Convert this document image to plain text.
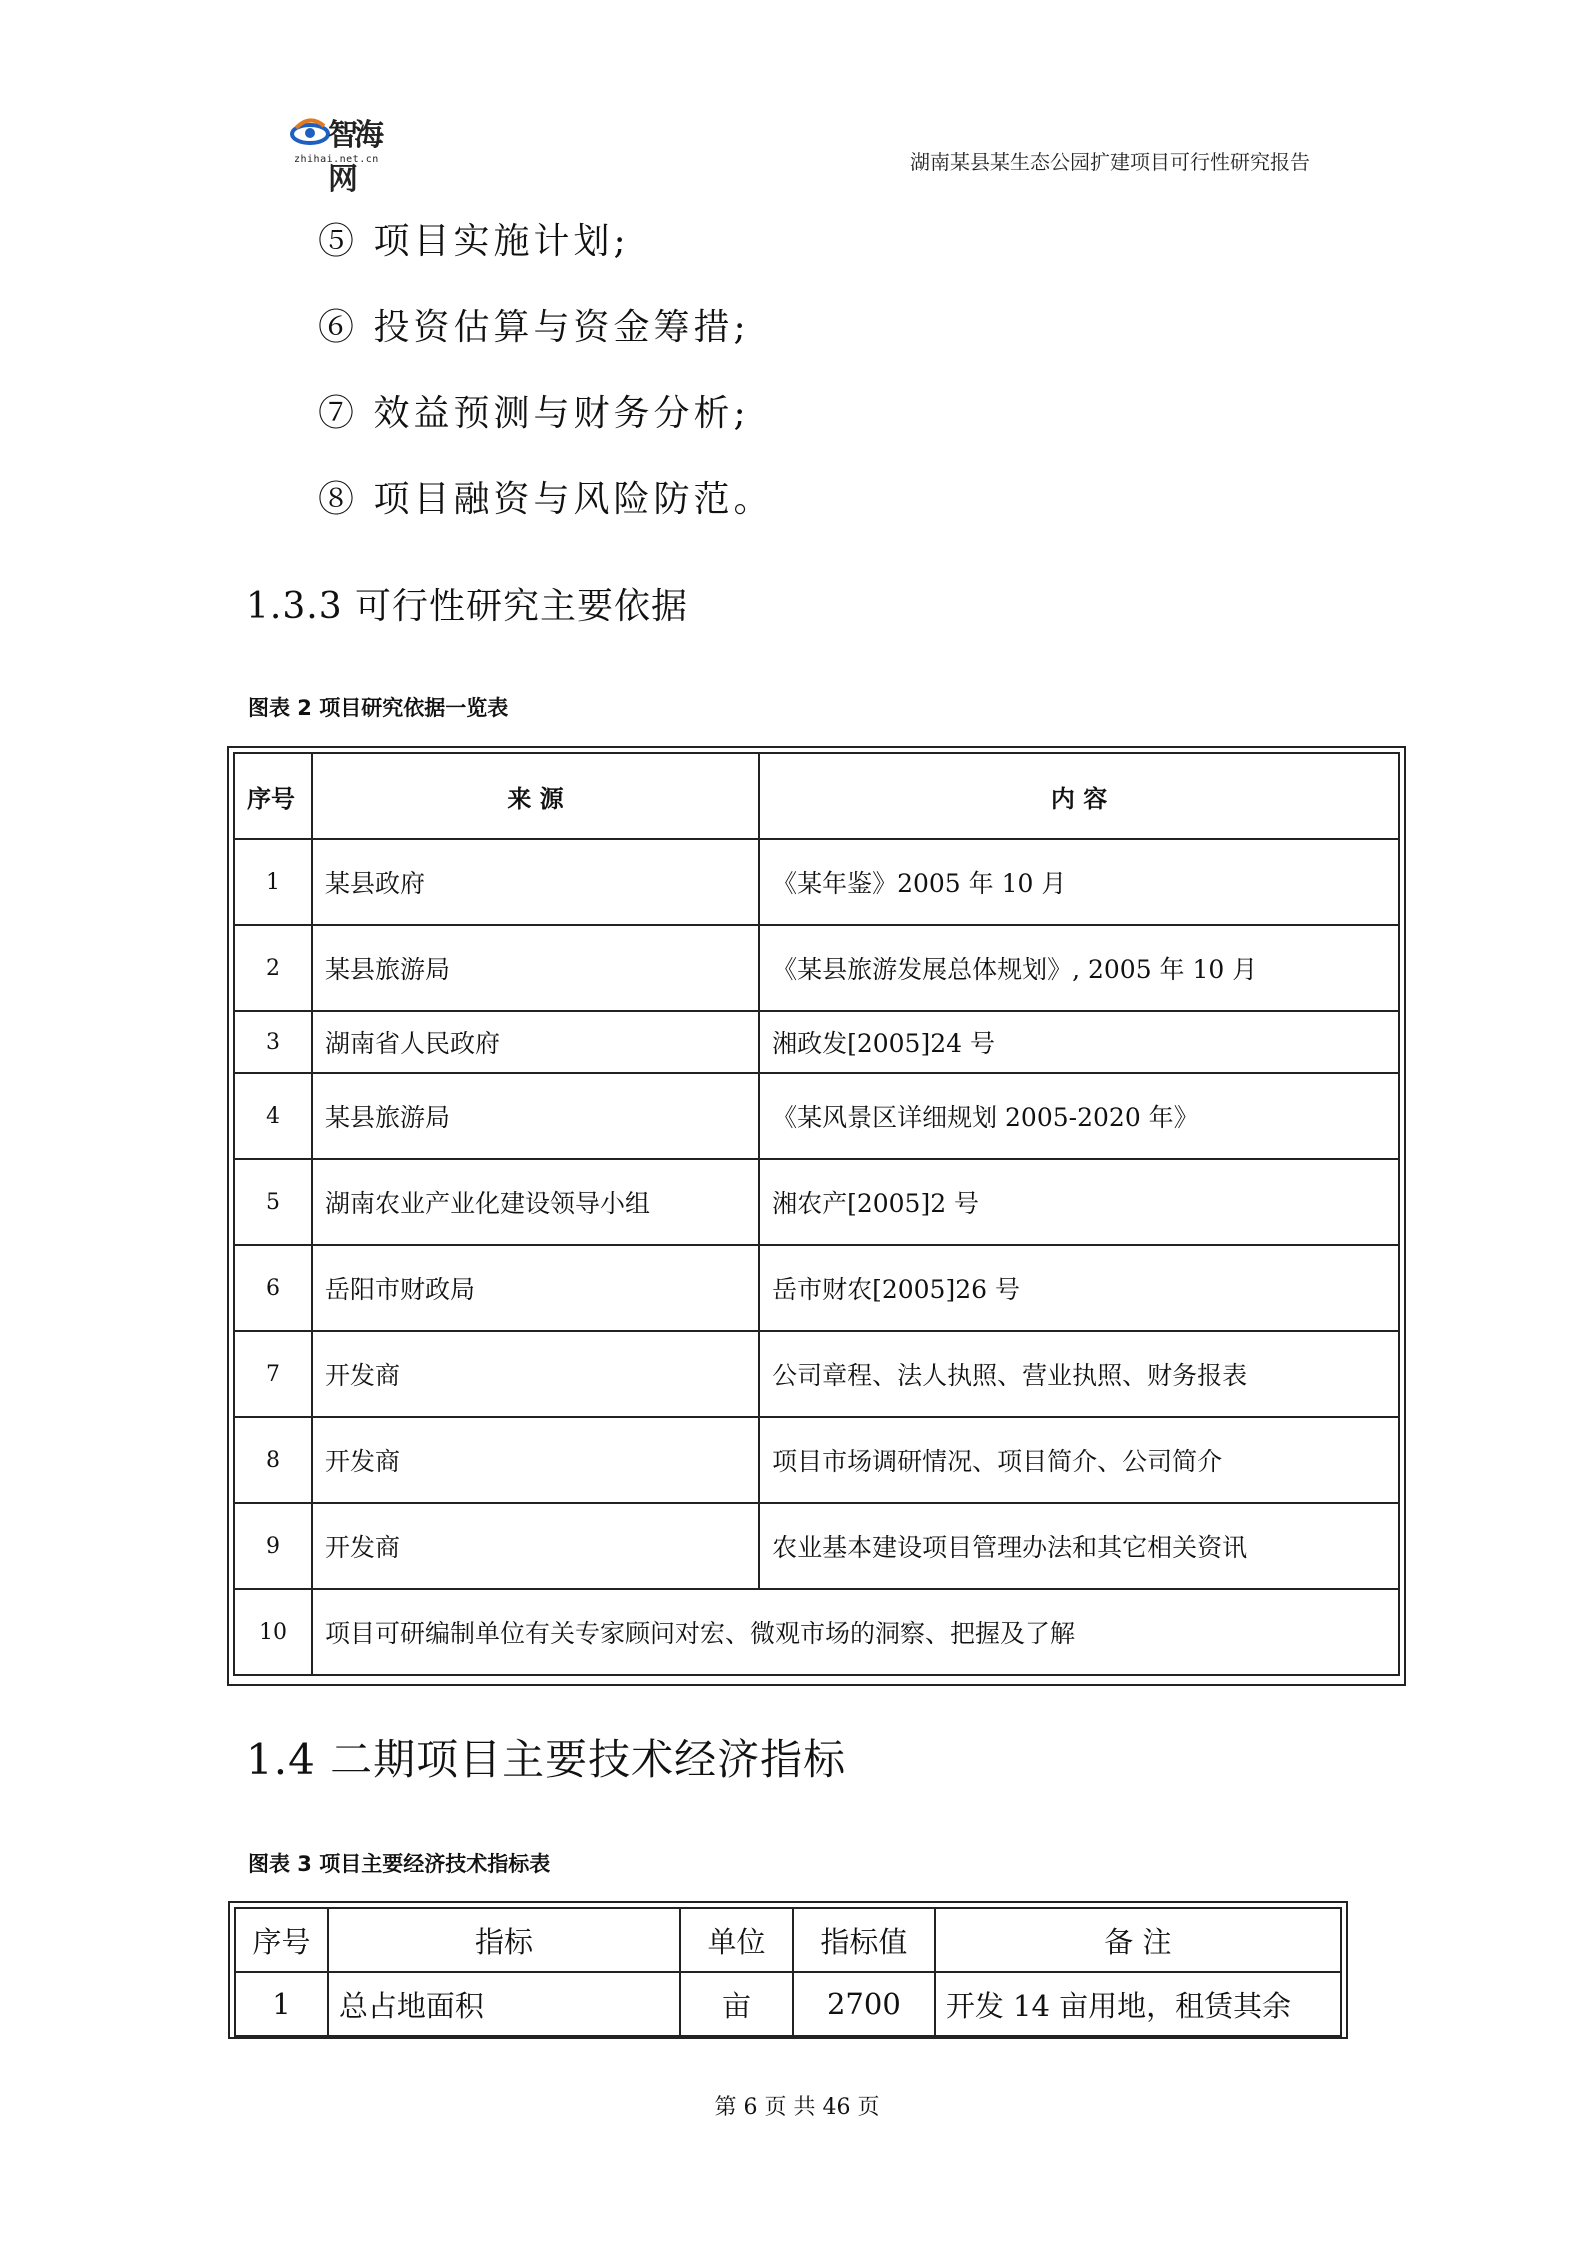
智海网
zhihai.net.cn	湖南某县某生态公园扩建项目可行性研究报告
⑤ 项目实施计划;
⑥ 投资估算与资金筹措;
⑦ 效益预测与财务分析;
⑧ 项目融资与风险防范。
1.3.3 可行性研究主要依据
图表 2 项目研究依据一览表
序号	来 源	内 容
1	某县政府	《某年鉴》2005 年 10 月
2	某县旅游局	《某县旅游发展总体规划》, 2005 年 10 月
3	湖南省人民政府	湘政发[2005]24 号
4	某县旅游局	《某风景区详细规划 2005-2020 年》
5	湖南农业产业化建设领导小组	湘农产[2005]2 号
6	岳阳市财政局	岳市财农[2005]26 号
7	开发商	公司章程、法人执照、营业执照、财务报表
8	开发商	项目市场调研情况、项目简介、公司简介
9	开发商	农业基本建设项目管理办法和其它相关资讯
10	项目可研编制单位有关专家顾问对宏、微观市场的洞察、把握及了解	
1.4 二期项目主要技术经济指标
图表 3 项目主要经济技术指标表
序号	指标	单位	指标值	备 注
1	总占地面积	亩	2700	开发 14 亩用地，租赁其余
第 6 页 共 46 页
